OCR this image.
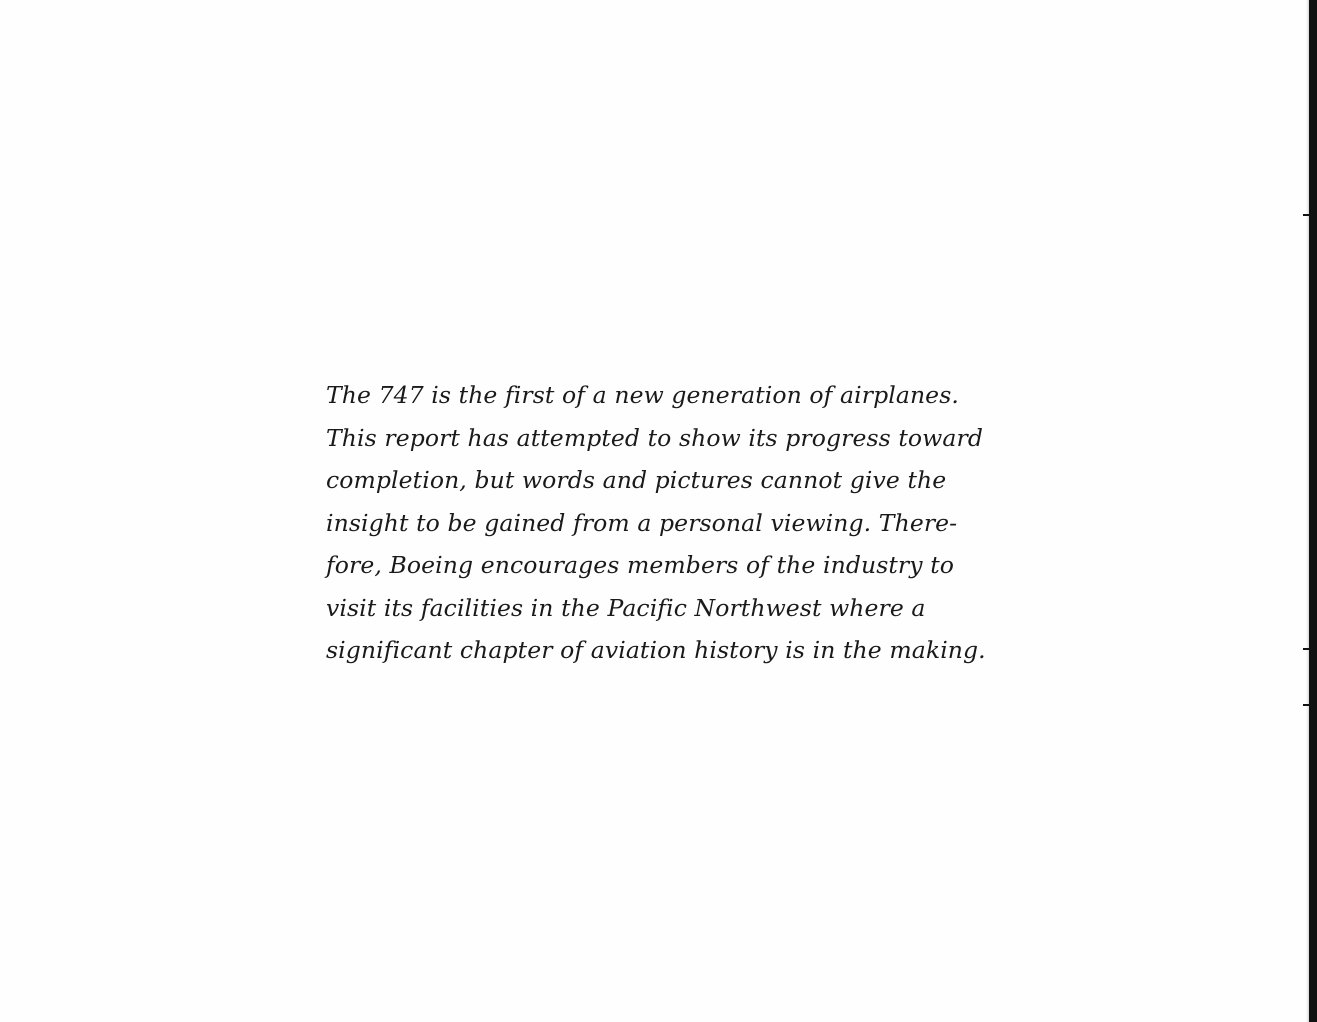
The 747 is the first of a new generation of airplanes.
This report has attempted to show its progress toward
completion, but words and pictures cannot give the
insight to be gained from a personal viewing. There-
fore, Boeing encourages members of the industry to
visit its facilities in the Pacific Northwest where a
significant chapter of aviation history is in the making.
